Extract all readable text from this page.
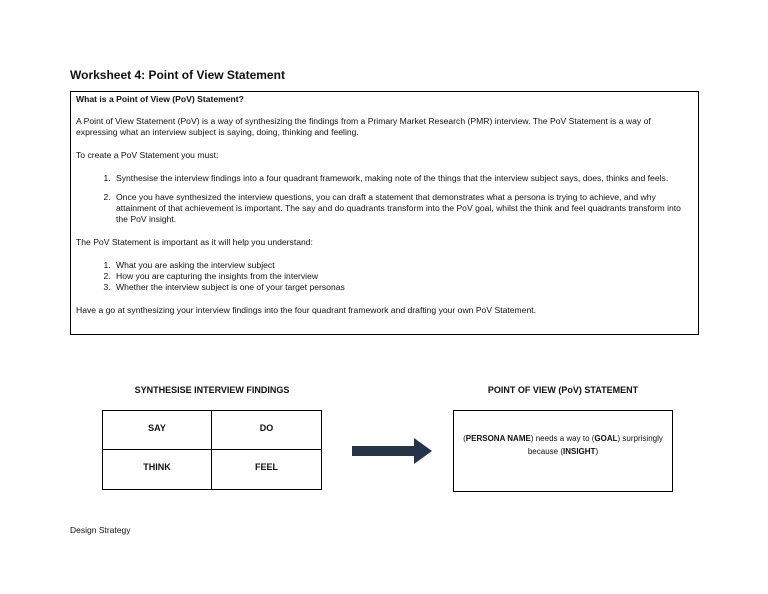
Worksheet 4: Point of View Statement
What is a Point of View (PoV) Statement?

A Point of View Statement (PoV) is a way of synthesizing the findings from a Primary Market Research (PMR) interview. The PoV Statement is a way of expressing what an interview subject is saying, doing, thinking and feeling.

To create a PoV Statement you must:

1. Synthesise the interview findings into a four quadrant framework, making note of the things that the interview subject says, does, thinks and feels.
2. Once you have synthesized the interview questions, you can draft a statement that demonstrates what a persona is trying to achieve, and why attainment of that achievement is important. The say and do quadrants transform into the PoV goal, whilst the think and feel quadrants transform into the PoV insight.

The PoV Statement is important as it will help you understand:

1. What you are asking the interview subject
2. How you are capturing the insights from the interview
3. Whether the interview subject is one of your target personas

Have a go at synthesizing your interview findings into the four quadrant framework and drafting your own PoV Statement.

SYNTHESISE INTERVIEW FINDINGS	POINT OF VIEW (PoV) STATEMENT
SAY	DO
THINK	FEEL
(PERSONA NAME) needs a way to (GOAL) surprisingly because (INSIGHT)
Design Strategy
